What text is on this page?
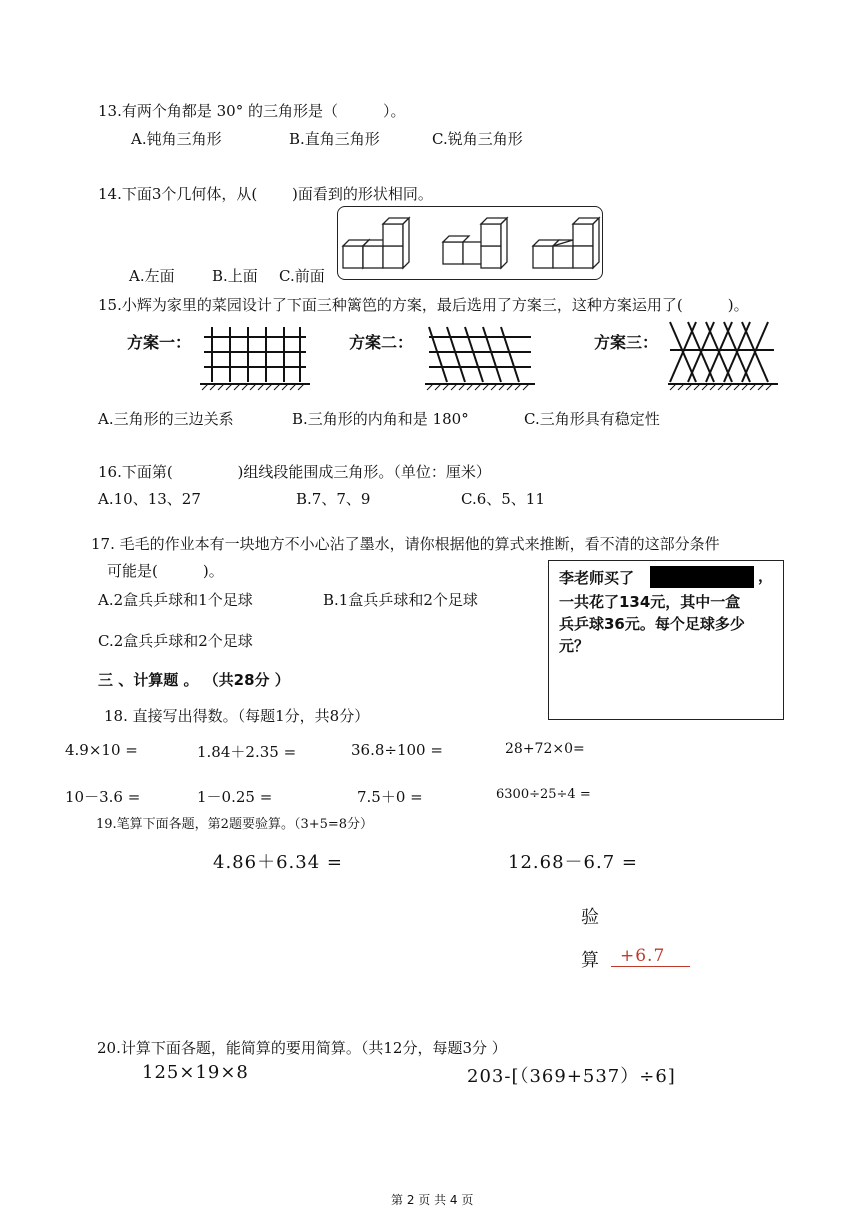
13.有两个角都是 30° 的三角形是（　　　）。
A.钝角三角形	B.直角三角形	C.锐角三角形
14.下面3个几何体，从(　　 )面看到的形状相同。
A.左面 B.上面 C.前面
15.小辉为家里的菜园设计了下面三种篱笆的方案，最后选用了方案三，这种方案运用了(　　　)。
方案一：	方案二：	方案三：
A.三角形的三边关系	B.三角形的内角和是 180°	C.三角形具有稳定性
16.下面第(　　　　 )组线段能围成三角形。（单位：厘米）
A.10、13、27	B.7、7、9	C.6、5、11
17. 毛毛的作业本有一块地方不小心沾了墨水，请你根据他的算式来推断，看不清的这部分条件
可能是(　　　)。
A.2盒兵乒球和1个足球	B.1盒兵乒球和2个足球
C.2盒兵乒球和2个足球
李老师买了	，
一共花了134元，其中一盒
兵乒球36元。每个足球多少
元？
三 、计算题 。 （共28分 ）
18. 直接写出得数。（每题1分，共8分）
4.9×10 =	1.84＋2.35 =	36.8÷100 =	28+72×0=
10－3.6 =	1－0.25 =	7.5＋0 =	6300÷25÷4 =
19.笔算下面各题，第2题要验算。（3+5=8分）
4.86＋6.34 =	12.68－6.7 =
验
算 +6.7
20.计算下面各题，能简算的要用简算。（共12分，每题3分 ）
125×19×8	203-[（369+537）÷6]
第 2 页 共 4 页
